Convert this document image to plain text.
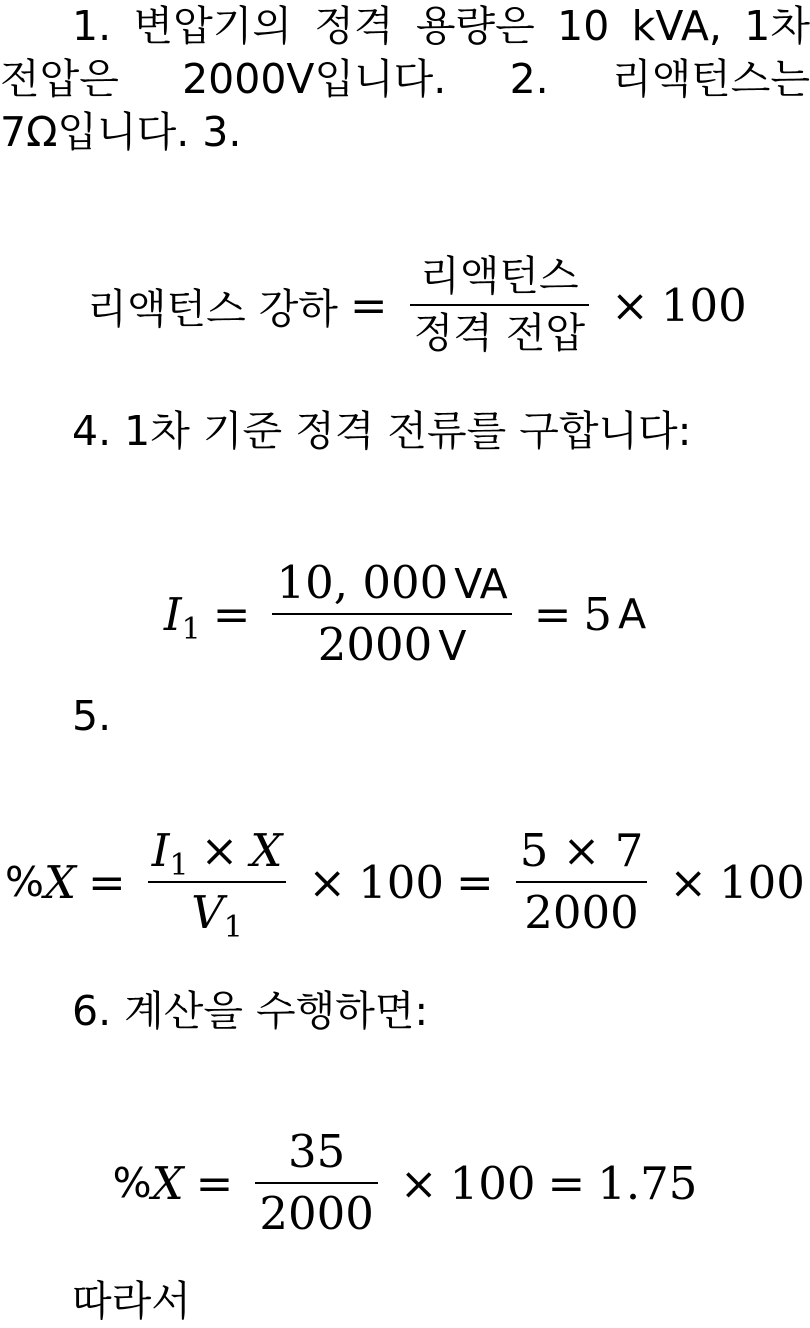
1. 변압기의 정격 용량은 10 kVA, 1차 전압은 2000V입니다. 2. 리액턴스는 7Ω입니다. 3.

리액턴스 강하 = $\frac{\text{리액턴스}}{\text{정격 전압}} \times 100$

4. 1차 기준 정격 전류를 구합니다:

$I_1 = \frac{10, 000 VA}{2000 V} = 5$ A

5.

% $X = \frac{I_1 \times X}{V_1} \times 100 = \frac{5 \times 7}{2000} \times 100$

6. 계산을 수행하면:

% $X = \frac{35}{2000} \times 100 = 1.75$

따라서
